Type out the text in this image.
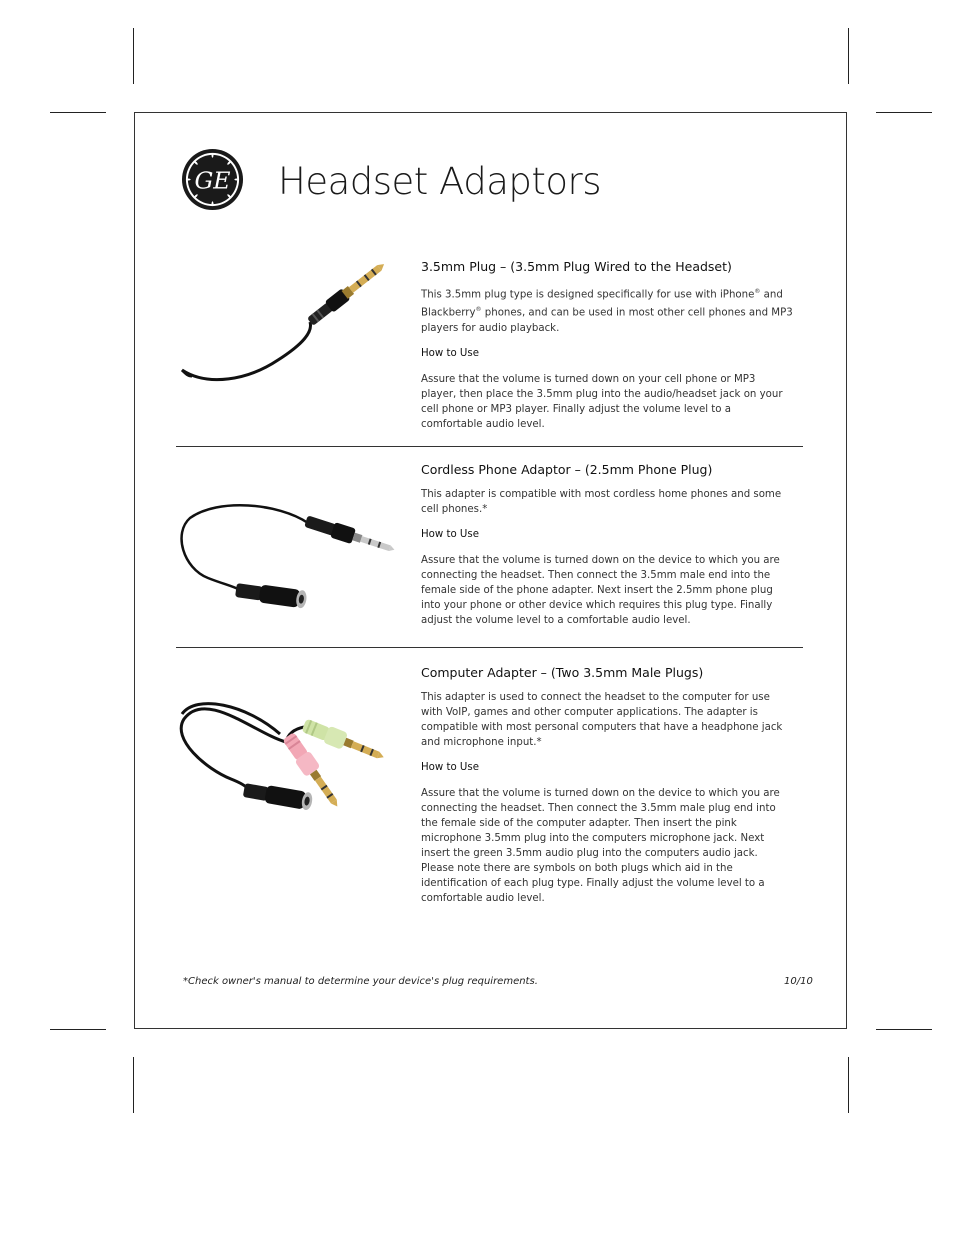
GE Headset Adaptors
3.5mm Plug – (3.5mm Plug Wired to the Headset)

This 3.5mm plug type is designed specifically for use with iPhone® and Blackberry® phones, and can be used in most other cell phones and MP3 players for audio playback.

How to Use

Assure that the volume is turned down on your cell phone or MP3 player, then place the 3.5mm plug into the audio/headset jack on your cell phone or MP3 player. Finally adjust the volume level to a comfortable audio level.

Cordless Phone Adaptor – (2.5mm Phone Plug)

This adapter is compatible with most cordless home phones and some cell phones.*

How to Use

Assure that the volume is turned down on the device to which you are connecting the headset. Then connect the 3.5mm male end into the female side of the phone adapter. Next insert the 2.5mm phone plug into your phone or other device which requires this plug type. Finally adjust the volume level to a comfortable audio level.

Computer Adapter – (Two 3.5mm Male Plugs)

This adapter is used to connect the headset to the computer for use with VoIP, games and other computer applications. The adapter is compatible with most personal computers that have a headphone jack and microphone input.*

How to Use

Assure that the volume is turned down on the device to which you are connecting the headset. Then connect the 3.5mm male plug end into the female side of the computer adapter. Then insert the pink microphone 3.5mm plug into the computers microphone jack. Next insert the green 3.5mm audio plug into the computers audio jack. Please note there are symbols on both plugs which aid in the identification of each plug type. Finally adjust the volume level to a comfortable audio level.

*Check owner's manual to determine your device's plug requirements.	10/10
